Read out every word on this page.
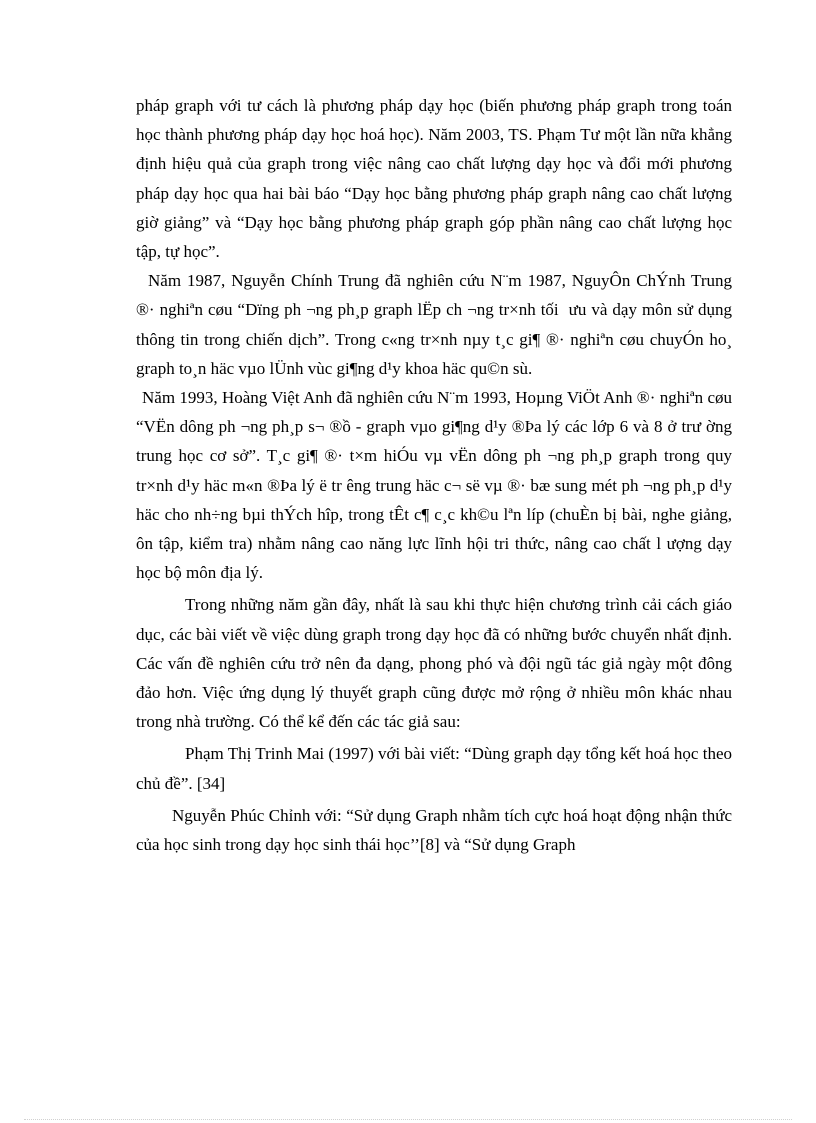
pháp graph với tư cách là phương pháp dạy học (biến phương pháp graph trong toán học thành phương pháp dạy học hoá học). Năm 2003, TS. Phạm Tư một lần nữa khẳng định hiệu quả của graph trong việc nâng cao chất lượng dạy học và đổi mới phương pháp dạy học qua hai bài báo “Dạy học bằng phương pháp graph nâng cao chất lượng giờ giảng” và “Dạy học bằng phương pháp graph góp phần nâng cao chất lượng học tập, tự học”.

Năm 1987, Nguyễn Chính Trung đã nghiên cứu N¨m 1987, NguyÔn ChÝnh Trung ®· nghiªn cøu “Dïng ph ¬ng ph¸p graph lËp ch ¬ng tr×nh tối ưu và dạy môn sử dụng thông tin trong chiến dịch”. Trong c«ng tr×nh nµy t¸c gi¶ ®· nghiªn cøu chuyÓn ho¸ graph to¸n häc vµo lÜnh vùc gi¶ng d¹y khoa häc qu©n sù.

Năm 1993, Hoàng Việt Anh đã nghiên cứu N¨m 1993, Hoµng ViÖt Anh ®· nghiªn cøu “VËn dông ph ¬ng ph¸p s¬ ®ồ - graph vµo gi¶ng d¹y ®Þa lý các lớp 6 và 8 ở trư ờng trung học cơ sở”. T¸c gi¶ ®· t×m hiÓu vµ vËn dông ph ¬ng ph¸p graph trong quy tr×nh d¹y häc m«n ®Þa lý ë tr êng trung häc c¬ së vµ ®· bæ sung mét ph ¬ng ph¸p d¹y häc cho nh÷ng bµi thÝch hîp, trong tÊt c¶ c¸c kh©u lªn líp (chuÈn bị bài, nghe giảng, ôn tập, kiểm tra) nhằm nâng cao năng lực lĩnh hội tri thức, nâng cao chất l ượng dạy học bộ môn địa lý.

Trong những năm gần đây, nhất là sau khi thực hiện chương trình cải cách giáo dục, các bài viết về việc dùng graph trong dạy học đã có những bước chuyển nhất định. Các vấn đề nghiên cứu trở nên đa dạng, phong phó và đội ngũ tác giả ngày một đông đảo hơn. Việc ứng dụng lý thuyết graph cũng được mở rộng ở nhiều môn khác nhau trong nhà trường. Có thể kể đến các tác giả sau:

Phạm Thị Trinh Mai (1997) với bài viết: “Dùng graph dạy tổng kết hoá học theo chủ đề”. [34]

Nguyễn Phúc Chỉnh với: “Sử dụng Graph nhằm tích cực hoá hoạt động nhận thức của học sinh trong dạy học sinh thái học’’[8] và “Sử dụng Graph
